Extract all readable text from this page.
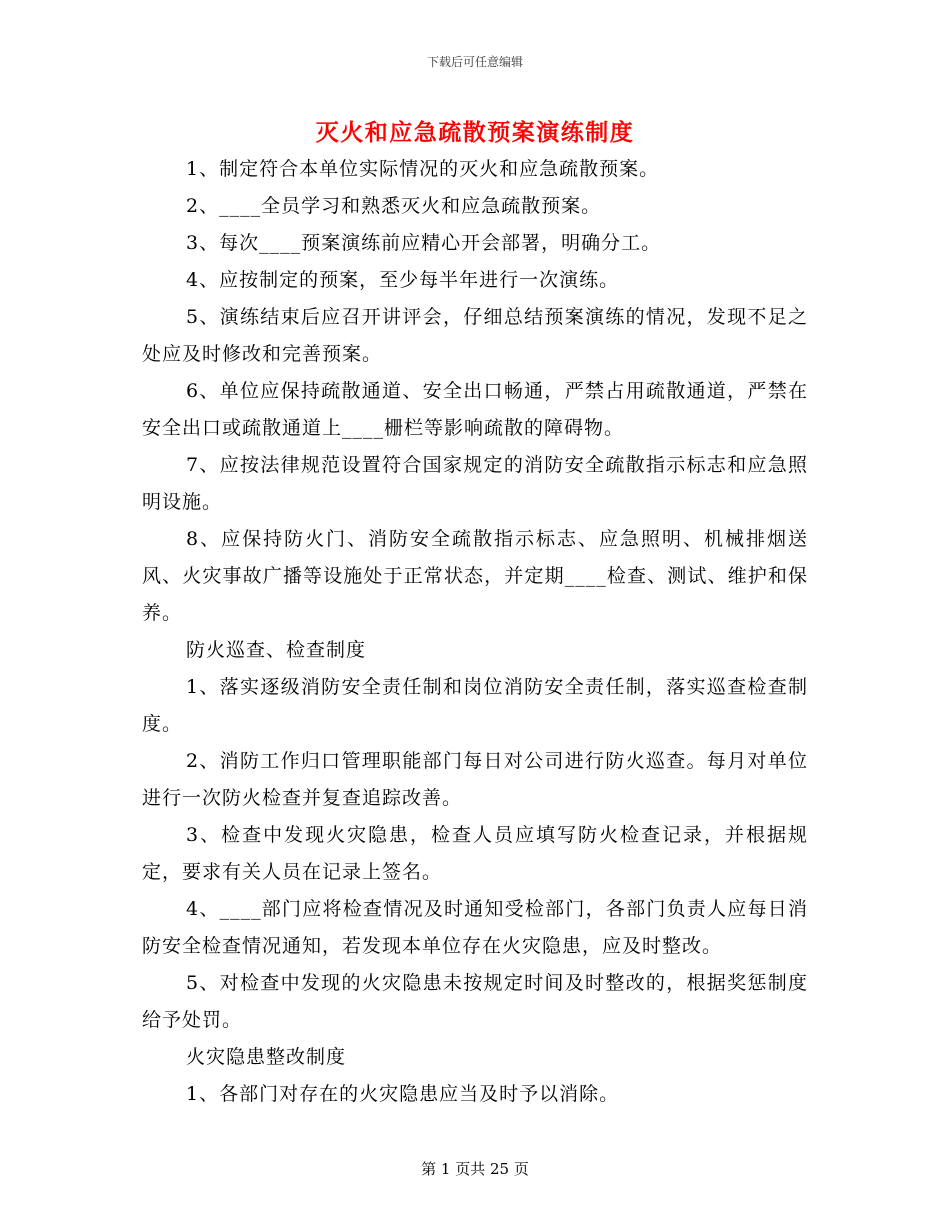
下载后可任意编辑
灭火和应急疏散预案演练制度

1、制定符合本单位实际情况的灭火和应急疏散预案。

2、____全员学习和熟悉灭火和应急疏散预案。

3、每次____预案演练前应精心开会部署，明确分工。

4、应按制定的预案，至少每半年进行一次演练。

5、演练结束后应召开讲评会，仔细总结预案演练的情况，发现不足之处应及时修改和完善预案。

6、单位应保持疏散通道、安全出口畅通，严禁占用疏散通道，严禁在安全出口或疏散通道上____栅栏等影响疏散的障碍物。

7、应按法律规范设置符合国家规定的消防安全疏散指示标志和应急照明设施。

8、应保持防火门、消防安全疏散指示标志、应急照明、机械排烟送风、火灾事故广播等设施处于正常状态，并定期____检查、测试、维护和保养。

防火巡查、检查制度

1、落实逐级消防安全责任制和岗位消防安全责任制，落实巡查检查制度。

2、消防工作归口管理职能部门每日对公司进行防火巡查。每月对单位进行一次防火检查并复查追踪改善。

3、检查中发现火灾隐患，检查人员应填写防火检查记录，并根据规定，要求有关人员在记录上签名。

4、____部门应将检查情况及时通知受检部门，各部门负责人应每日消防安全检查情况通知，若发现本单位存在火灾隐患，应及时整改。

5、对检查中发现的火灾隐患未按规定时间及时整改的，根据奖惩制度给予处罚。

火灾隐患整改制度

1、各部门对存在的火灾隐患应当及时予以消除。

第 1 页共 25 页
